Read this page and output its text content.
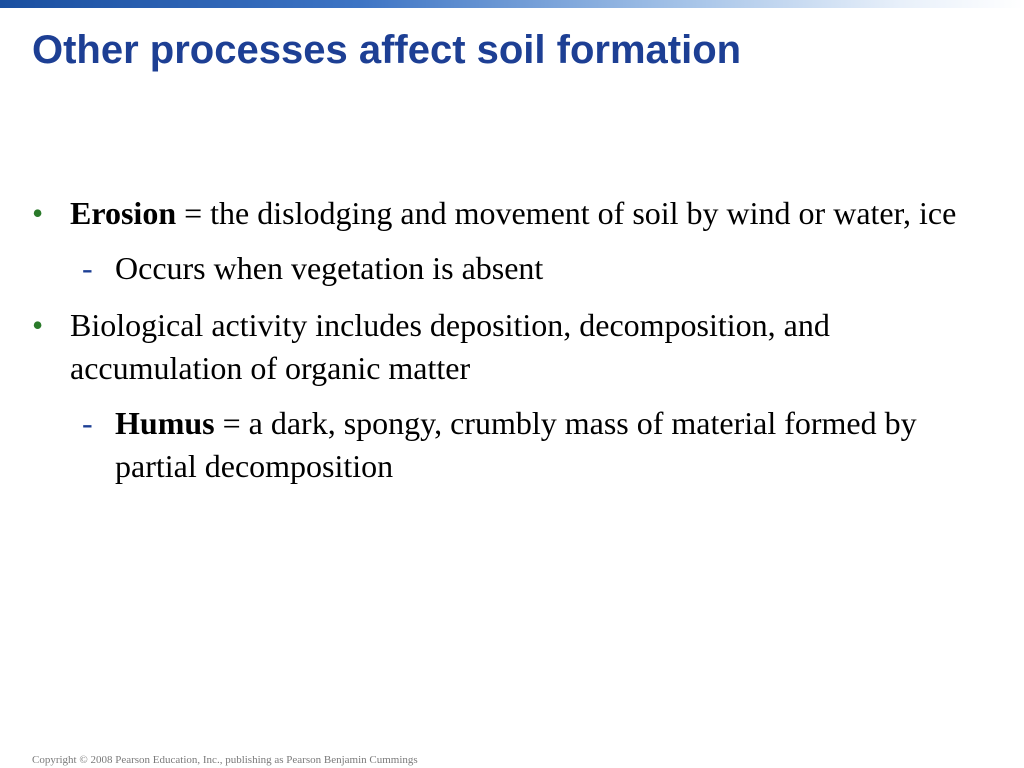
Other processes affect soil formation
• Erosion = the dislodging and movement of soil by wind or water, ice
- Occurs when vegetation is absent
• Biological activity includes deposition, decomposition, and accumulation of organic matter
- Humus = a dark, spongy, crumbly mass of material formed by partial decomposition
Copyright © 2008 Pearson Education, Inc., publishing as Pearson Benjamin Cummings
